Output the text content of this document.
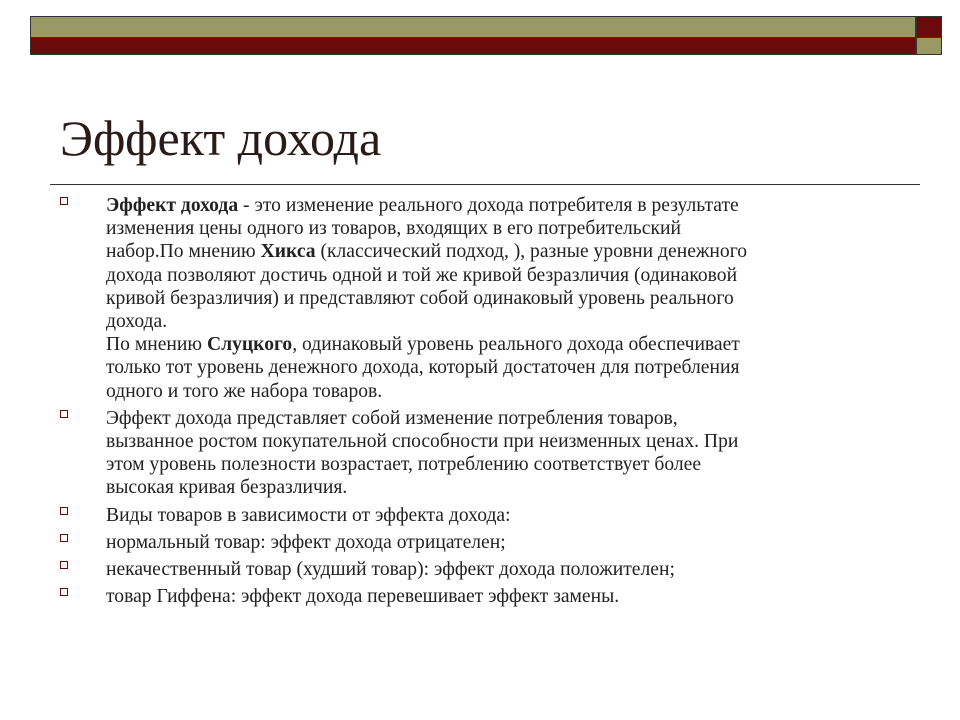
Эффект дохода
Эффект дохода - это изменение реального дохода потребителя в результате
изменения цены одного из товаров, входящих в его потребительский
набор.По мнению Хикса (классический подход, ), разные уровни денежного
дохода позволяют достичь одной и той же кривой безразличия (одинаковой
кривой безразличия) и представляют собой одинаковый уровень реального
дохода.
По мнению Слуцкого, одинаковый уровень реального дохода обеспечивает
только тот уровень денежного дохода, который достаточен для потребления
одного и того же набора товаров.
Эффект дохода представляет собой изменение потребления товаров,
вызванное ростом покупательной способности при неизменных ценах. При
этом уровень полезности возрастает, потреблению соответствует более
высокая кривая безразличия.
Виды товаров в зависимости от эффекта дохода:
нормальный товар: эффект дохода отрицателен;
некачественный товар (худший товар): эффект дохода положителен;
товар Гиффена: эффект дохода перевешивает эффект замены.
